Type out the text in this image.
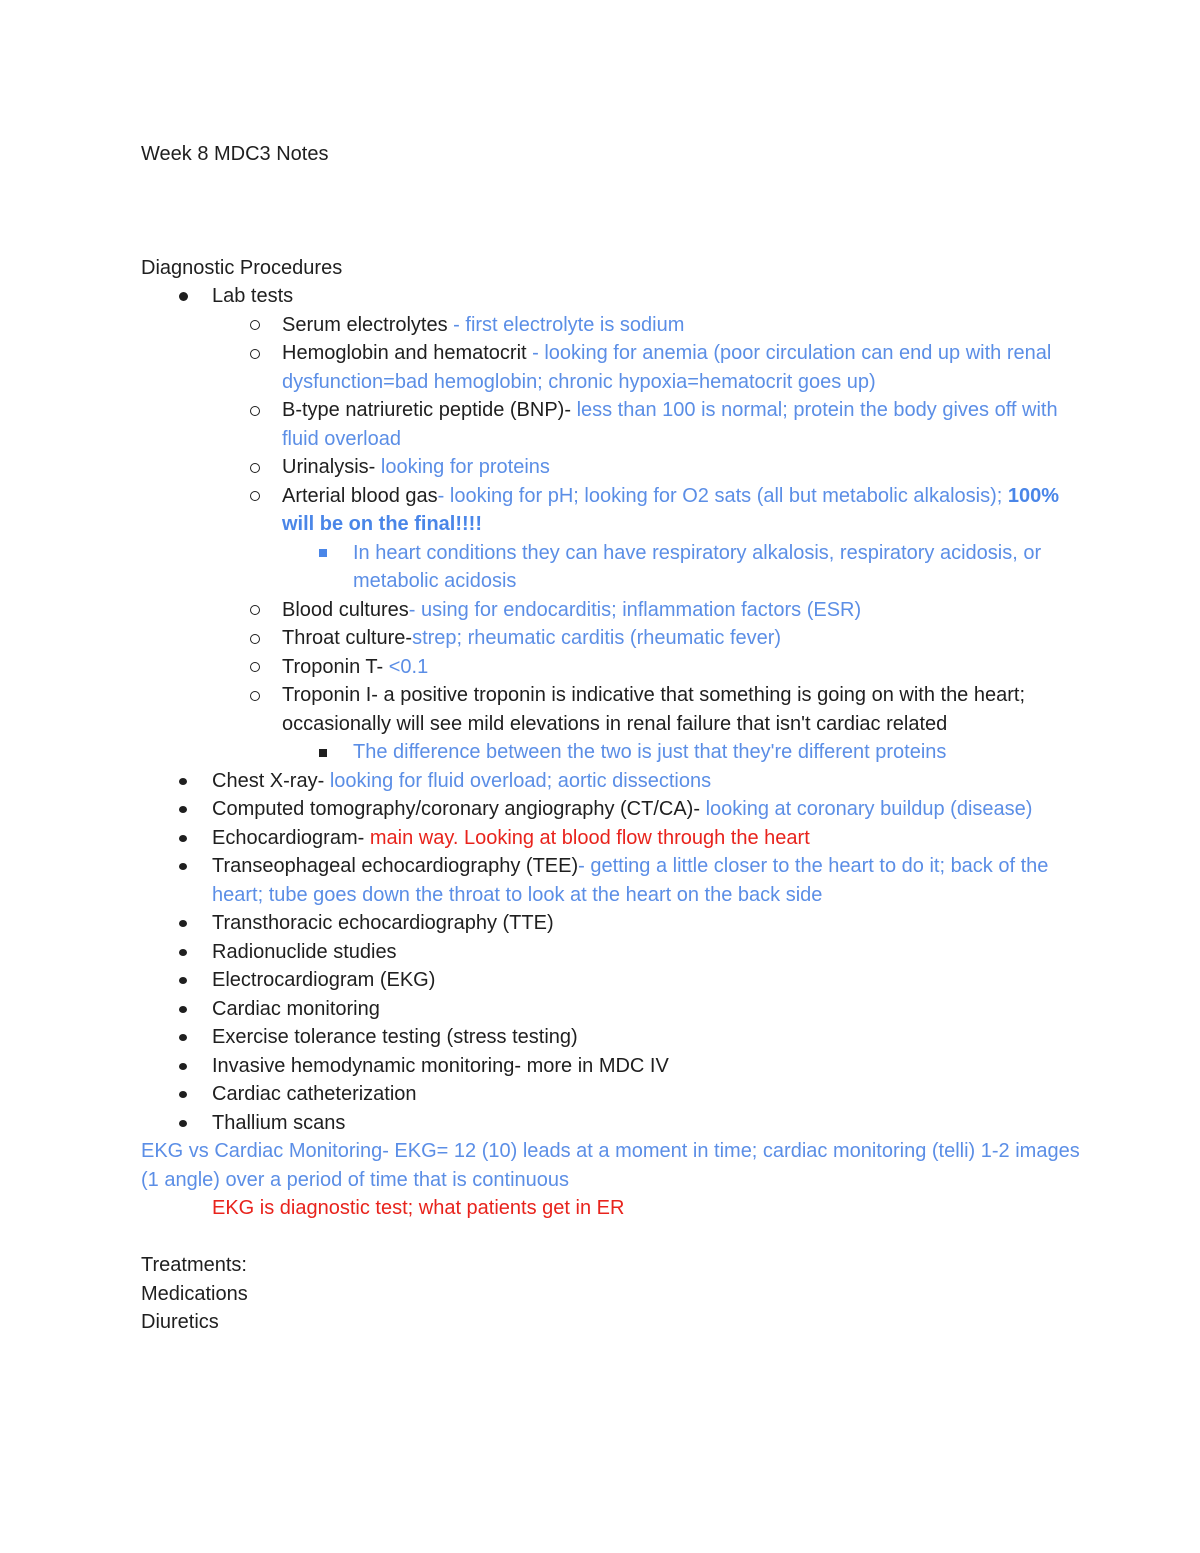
Week 8 MDC3 Notes
Diagnostic Procedures
Lab tests
Serum electrolytes - first electrolyte is sodium
Hemoglobin and hematocrit - looking for anemia (poor circulation can end up with renal dysfunction=bad hemoglobin; chronic hypoxia=hematocrit goes up)
B-type natriuretic peptide (BNP)- less than 100 is normal; protein the body gives off with fluid overload
Urinalysis- looking for proteins
Arterial blood gas- looking for pH; looking for O2 sats (all but metabolic alkalosis); 100% will be on the final!!!!
In heart conditions they can have respiratory alkalosis, respiratory acidosis, or metabolic acidosis
Blood cultures- using for endocarditis; inflammation factors (ESR)
Throat culture-strep; rheumatic carditis (rheumatic fever)
Troponin T- <0.1
Troponin I- a positive troponin is indicative that something is going on with the heart; occasionally will see mild elevations in renal failure that isn't cardiac related
The difference between the two is just that they're different proteins
Chest X-ray- looking for fluid overload; aortic dissections
Computed tomography/coronary angiography (CT/CA)- looking at coronary buildup (disease)
Echocardiogram- main way. Looking at blood flow through the heart
Transeophageal echocardiography (TEE)- getting a little closer to the heart to do it; back of the heart; tube goes down the throat to look at the heart on the back side
Transthoracic echocardiography (TTE)
Radionuclide studies
Electrocardiogram (EKG)
Cardiac monitoring
Exercise tolerance testing (stress testing)
Invasive hemodynamic monitoring- more in MDC IV
Cardiac catheterization
Thallium scans
EKG vs Cardiac Monitoring- EKG= 12 (10) leads at a moment in time; cardiac monitoring (telli) 1-2 images (1 angle) over a period of time that is continuous
EKG is diagnostic test; what patients get in ER
Treatments:
Medications
Diuretics
